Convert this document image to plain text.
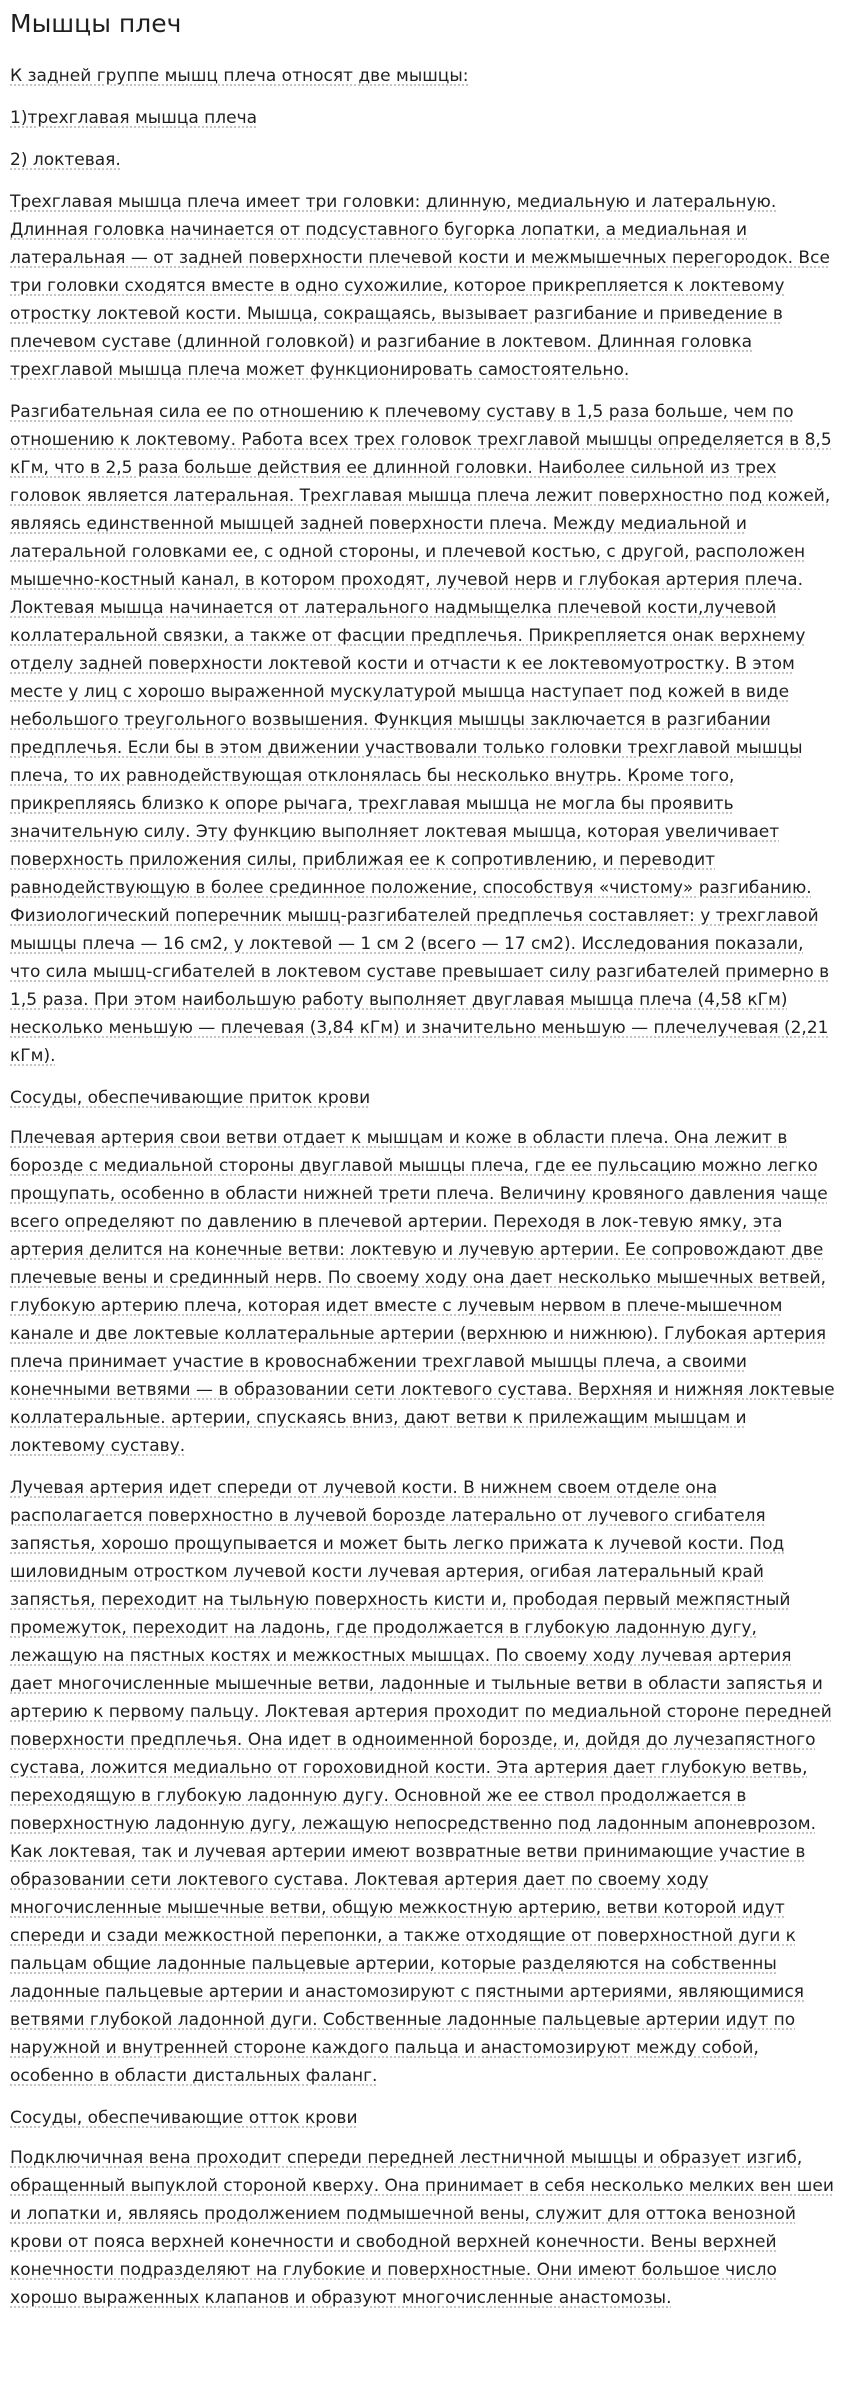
Мышцы плеч

К задней группе мышц плеча относят две мышцы:

1)трехглавая мышца плеча

2) локтевая.

Трехглавая мышца плеча имеет три головки: длинную, медиальную и латеральную. Длинная головка начинается от подсуставного бугорка лопатки, а медиальная и латеральная — от задней поверхности плечевой кости и межмышечных перегородок. Все три головки сходятся вместе в одно сухожилие, которое прикрепляется к локтевому отростку локтевой кости. Мышца, сокращаясь, вызывает разгибание и приведение в плечевом суставе (длинной головкой) и разгибание в локтевом. Длинная головка трехглавой мышца плеча может функционировать самостоятельно.

Разгибательная сила ее по отношению к плечевому суставу в 1,5 раза больше, чем по отношению к локтевому. Работа всех трех головок трехглавой мышцы определяется в 8,5 кГм, что в 2,5 раза больше действия ее длинной головки. Наиболее сильной из трех головок является латеральная. Трехглавая мышца плеча лежит поверхностно под кожей, являясь единственной мышцей задней поверхности плеча. Между медиальной и латеральной головками ее, с одной стороны, и плечевой костью, с другой, расположен мышечно-костный канал, в котором проходят, лучевой нерв и глубокая артерия плеча. Локтевая мышца начинается от латерального надмыщелка плечевой кости,лучевой коллатеральной связки, а также от фасции предплечья. Прикрепляется онак верхнему отделу задней поверхности локтевой кости и отчасти к ее локтевомуотростку. В этом месте у лиц с хорошо выраженной мускулатурой мышца наступает под кожей в виде небольшого треугольного возвышения. Функция мышцы заключается в разгибании предплечья. Если бы в этом движении участвовали только головки трехглавой мышцы плеча, то их равнодействующая отклонялась бы несколько внутрь. Кроме того, прикрепляясь близко к опоре рычага, трехглавая мышца не могла бы проявить значительную силу. Эту функцию выполняет локтевая мышца, которая увеличивает поверхность приложения силы, приближая ее к сопротивлению, и переводит равнодействующую в более срединное положение, способствуя «чистому» разгибанию. Физиологический поперечник мышц-разгибателей предплечья составляет: у трехглавой мышцы плеча — 16 см2, у локтевой — 1 см 2 (всего — 17 см2). Исследования показали, что сила мышц-сгибателей в локтевом суставе превышает силу разгибателей примерно в 1,5 раза. При этом наибольшую работу выполняет двуглавая мышца плеча (4,58 кГм) несколько меньшую — плечевая (3,84 кГм) и значительно меньшую — плечелучевая (2,21 кГм).

Сосуды, обеспечивающие приток крови

Плечевая артерия свои ветви отдает к мышцам и коже в области плеча. Она лежит в борозде с медиальной стороны двуглавой мышцы плеча, где ее пульсацию можно легко прощупать, особенно в области нижней трети плеча. Величину кровяного давления чаще всего определяют по давлению в плечевой артерии. Переходя в лок-тевую ямку, эта артерия делится на конечные ветви: локтевую и лучевую артерии. Ее сопровождают две плечевые вены и срединный нерв. По своему ходу она дает несколько мышечных ветвей, глубокую артерию плеча, которая идет вместе с лучевым нервом в плече-мышечном канале и две локтевые коллатеральные артерии (верхнюю и нижнюю). Глубокая артерия плеча принимает участие в кровоснабжении трехглавой мышцы плеча, а своими конечными ветвями — в образовании сети локтевого сустава. Верхняя и нижняя локтевые коллатеральные. артерии, спускаясь вниз, дают ветви к прилежащим мышцам и локтевому суставу.

Лучевая артерия идет спереди от лучевой кости. В нижнем своем отделе она располагается поверхностно в лучевой борозде латерально от лучевого сгибателя запястья, хорошо прощупывается и может быть легко прижата к лучевой кости. Под шиловидным отростком лучевой кости лучевая артерия, огибая латеральный край запястья, переходит на тыльную поверхность кисти и, прободая первый межпястный промежуток, переходит на ладонь, где продолжается в глубокую ладонную дугу, лежащую на пястных костях и межкостных мышцах. По своему ходу лучевая артерия дает многочисленные мышечные ветви, ладонные и тыльные ветви в области запястья и артерию к первому пальцу. Локтевая артерия проходит по медиальной стороне передней поверхности предплечья. Она идет в одноименной борозде, и, дойдя до лучезапястного сустава, ложится медиально от гороховидной кости. Эта артерия дает глубокую ветвь, переходящую в глубокую ладонную дугу. Основной же ее ствол продолжается в поверхностную ладонную дугу, лежащую непосредственно под ладонным апоневрозом. Как локтевая, так и лучевая артерии имеют возвратные ветви принимающие участие в образовании сети локтевого сустава. Локтевая артерия дает по своему ходу многочисленные мышечные ветви, общую межкостную артерию, ветви которой идут спереди и сзади межкостной перепонки, а также отходящие от поверхностной дуги к пальцам общие ладонные пальцевые артерии, которые разделяются на собственны ладонные пальцевые артерии и анастомозируют с пястными артериями, являющимися ветвями глубокой ладонной дуги. Собственные ладонные пальцевые артерии идут по наружной и внутренней стороне каждого пальца и анастомозируют между собой, особенно в области дистальных фаланг.

Сосуды, обеспечивающие отток крови

Подключичная вена проходит спереди передней лестничной мышцы и образует изгиб, обращенный выпуклой стороной кверху. Она принимает в себя несколько мелких вен шеи и лопатки и, являясь продолжением подмышечной вены, служит для оттока венозной крови от пояса верхней конечности и свободной верхней конечности. Вены верхней конечности подразделяют на глубокие и поверхностные. Они имеют большое число хорошо выраженных клапанов и образуют многочисленные анастомозы.
